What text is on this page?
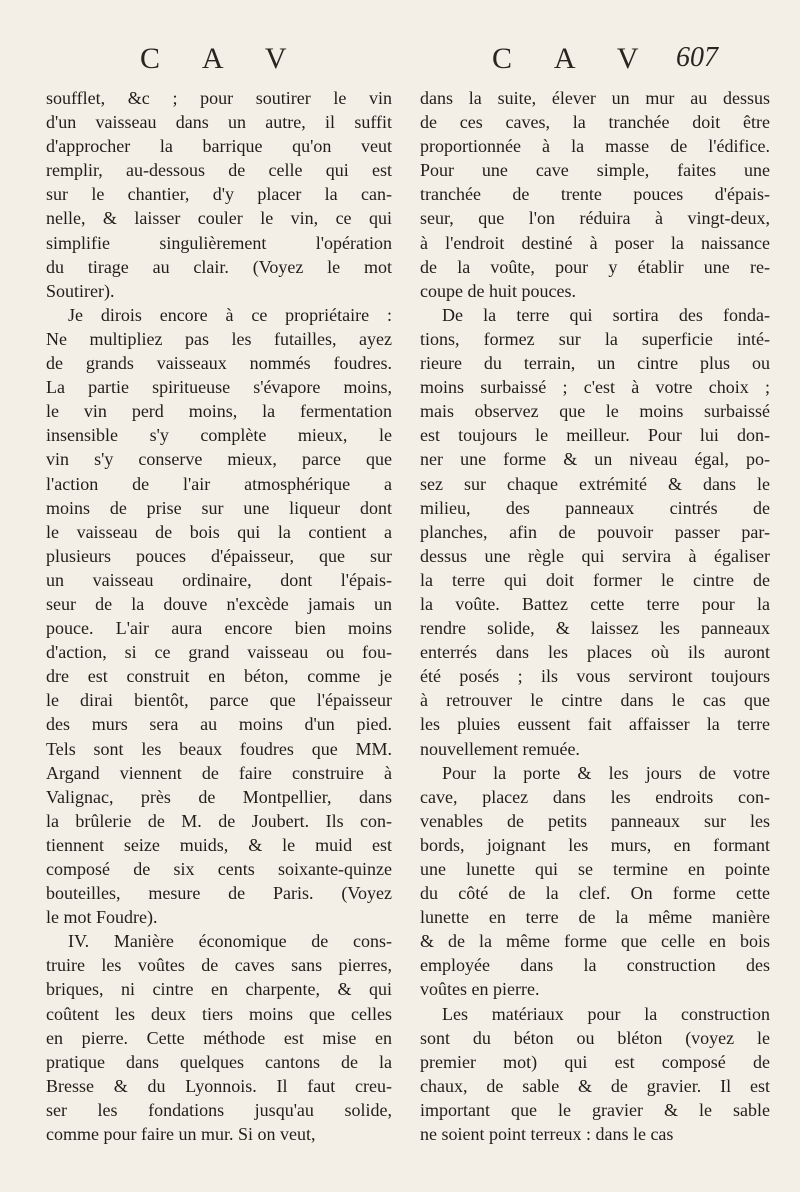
C A V	C A V 607
soufflet, &c ; pour soutirer le vin
d'un vaisseau dans un autre, il suffit
d'approcher la barrique qu'on veut
remplir, au-dessous de celle qui est
sur le chantier, d'y placer la can-
nelle, & laisser couler le vin, ce qui
simplifie singulièrement l'opération
du tirage au clair. (Voyez le mot
Soutirer).
Je dirois encore à ce propriétaire :
Ne multipliez pas les futailles, ayez
de grands vaisseaux nommés foudres.
La partie spiritueuse s'évapore moins,
le vin perd moins, la fermentation
insensible s'y complète mieux, le
vin s'y conserve mieux, parce que
l'action de l'air atmosphérique a
moins de prise sur une liqueur dont
le vaisseau de bois qui la contient a
plusieurs pouces d'épaisseur, que sur
un vaisseau ordinaire, dont l'épais-
seur de la douve n'excède jamais un
pouce. L'air aura encore bien moins
d'action, si ce grand vaisseau ou fou-
dre est construit en béton, comme je
le dirai bientôt, parce que l'épaisseur
des murs sera au moins d'un pied.
Tels sont les beaux foudres que MM.
Argand viennent de faire construire à
Valignac, près de Montpellier, dans
la brûlerie de M. de Joubert. Ils con-
tiennent seize muids, & le muid est
composé de six cents soixante-quinze
bouteilles, mesure de Paris. (Voyez
le mot Foudre).
IV. Manière économique de cons-
truire les voûtes de caves sans pierres,
briques, ni cintre en charpente, & qui
coûtent les deux tiers moins que celles
en pierre. Cette méthode est mise en
pratique dans quelques cantons de la
Bresse & du Lyonnois. Il faut creu-
ser les fondations jusqu'au solide,
comme pour faire un mur. Si on veut,
dans la suite, élever un mur au dessus
de ces caves, la tranchée doit être
proportionnée à la masse de l'édifice.
Pour une cave simple, faites une
tranchée de trente pouces d'épais-
seur, que l'on réduira à vingt-deux,
à l'endroit destiné à poser la naissance
de la voûte, pour y établir une re-
coupe de huit pouces.
De la terre qui sortira des fonda-
tions, formez sur la superficie inté-
rieure du terrain, un cintre plus ou
moins surbaissé ; c'est à votre choix ;
mais observez que le moins surbaissé
est toujours le meilleur. Pour lui don-
ner une forme & un niveau égal, po-
sez sur chaque extrémité & dans le
milieu, des panneaux cintrés de
planches, afin de pouvoir passer par-
dessus une règle qui servira à égaliser
la terre qui doit former le cintre de
la voûte. Battez cette terre pour la
rendre solide, & laissez les panneaux
enterrés dans les places où ils auront
été posés ; ils vous serviront toujours
à retrouver le cintre dans le cas que
les pluies eussent fait affaisser la terre
nouvellement remuée.
Pour la porte & les jours de votre
cave, placez dans les endroits con-
venables de petits panneaux sur les
bords, joignant les murs, en formant
une lunette qui se termine en pointe
du côté de la clef. On forme cette
lunette en terre de la même manière
& de la même forme que celle en bois
employée dans la construction des
voûtes en pierre.
Les matériaux pour la construction
sont du béton ou bléton (voyez le
premier mot) qui est composé de
chaux, de sable & de gravier. Il est
important que le gravier & le sable
ne soient point terreux : dans le cas
